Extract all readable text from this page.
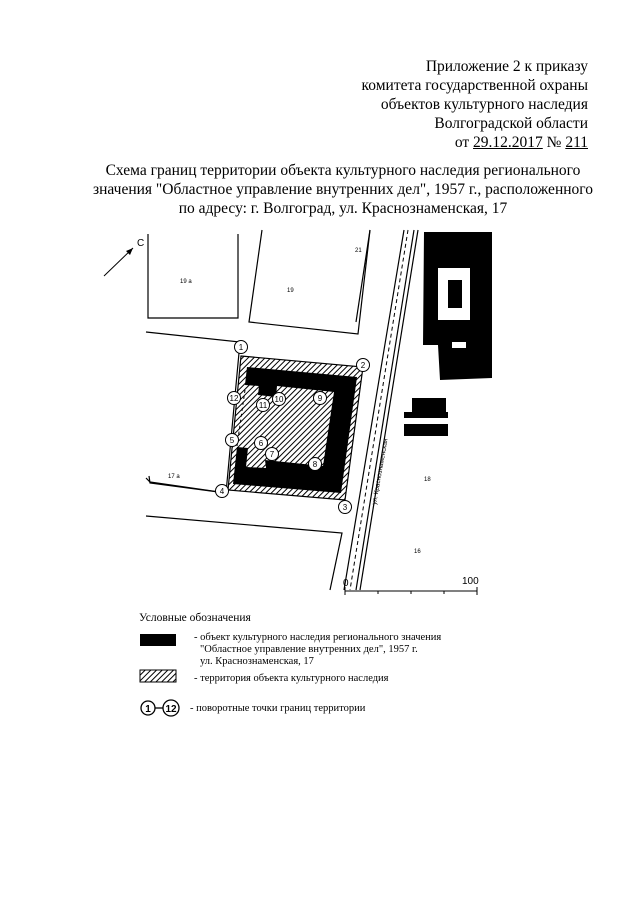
Приложение 2 к приказу
комитета государственной охраны
объектов культурного наследия
Волгоградской области
от 29.12.2017 № 211
Схема границ территории объекта культурного наследия регионального
значения "Областное управление внутренних дел", 1957 г., расположенного
по адресу: г. Волгоград, ул. Краснознаменская, 17
С
ул. Краснознаменская
19 а
21
19
17 а	18
16
1
2
3
4
5	6
7
8
9
10
11
12
0	100
1 12
Условные обозначения
- объект культурного наследия регионального значения
"Областное управление внутренних дел", 1957 г.
ул. Краснознаменская, 17
- территория объекта культурного наследия
- поворотные точки границ территории
